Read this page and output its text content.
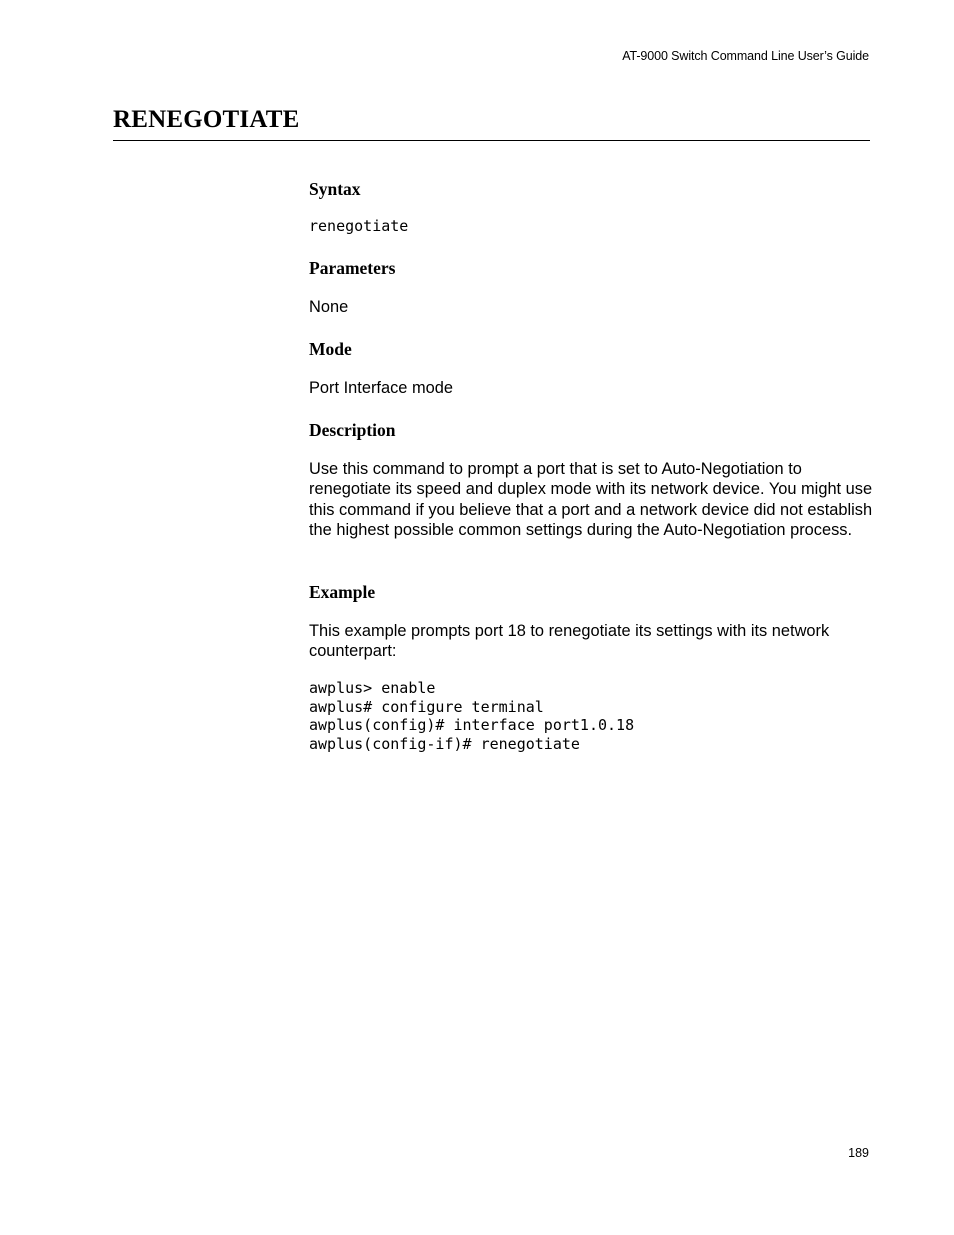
AT-9000 Switch Command Line User’s Guide
RENEGOTIATE
Syntax
renegotiate
Parameters

None

Mode

Port Interface mode

Description

Use this command to prompt a port that is set to Auto-Negotiation to renegotiate its speed and duplex mode with its network device. You might use this command if you believe that a port and a network device did not establish the highest possible common settings during the Auto-Negotiation process.

Example

This example prompts port 18 to renegotiate its settings with its network counterpart:

awplus> enable
awplus# configure terminal
awplus(config)# interface port1.0.18
awplus(config-if)# renegotiate
189
